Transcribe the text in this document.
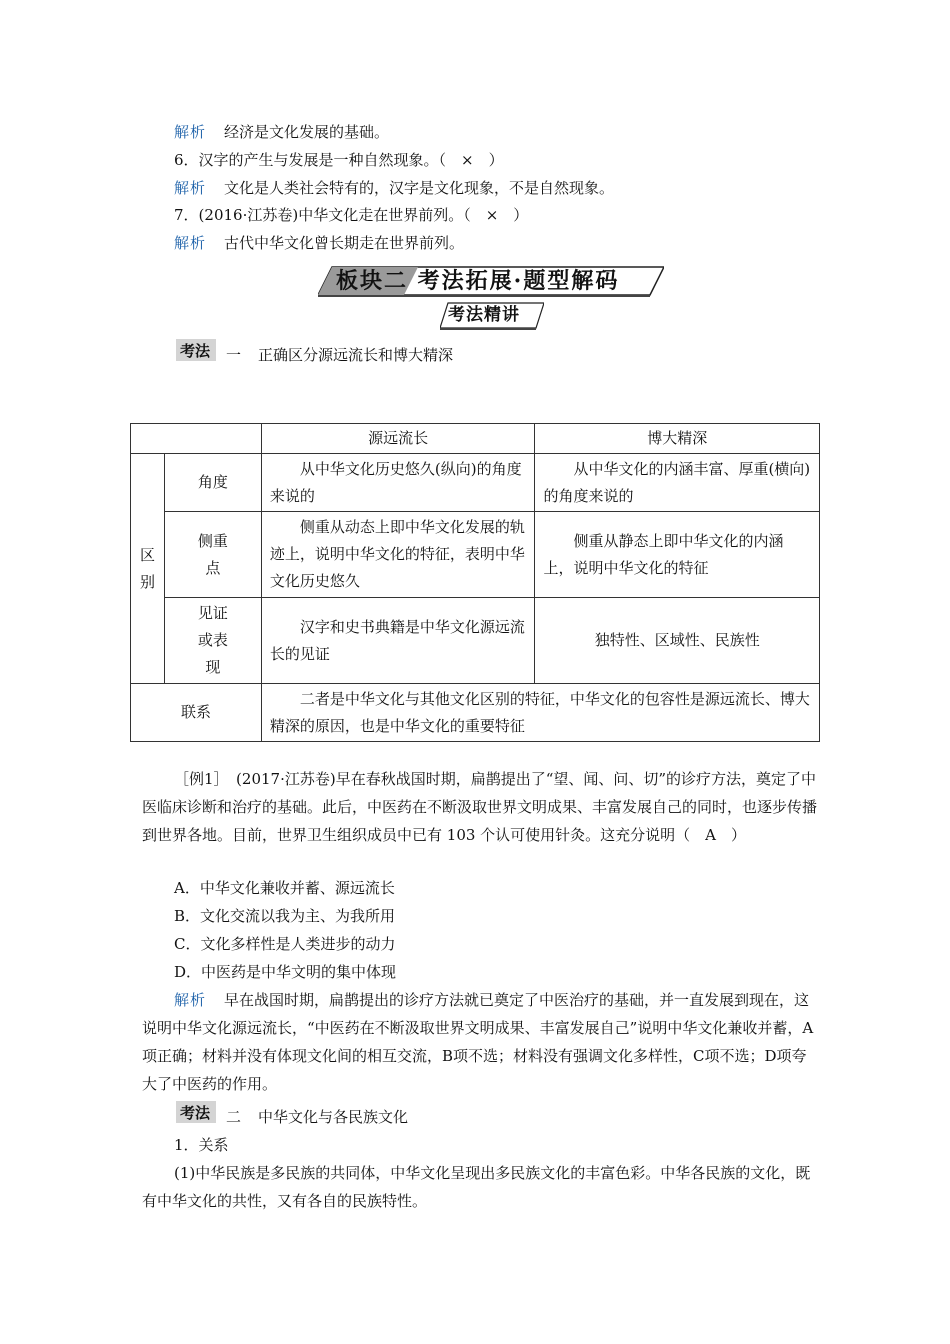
解析 经济是文化发展的基础。
6．汉字的产生与发展是一种自然现象。（　×　）
解析 文化是人类社会特有的，汉字是文化现象，不是自然现象。
7．(2016·江苏卷)中华文化走在世界前列。（　×　）
解析 古代中华文化曾长期走在世界前列。
板块二 考法拓展·题型解码
考法精讲
考法 一 正确区分源远流长和博大精深
		源远流长	博大精深
区别	角度	从中华文化历史悠久(纵向)的角度来说的	从中华文化的内涵丰富、厚重(横向)的角度来说的
	侧重点	侧重从动态上即中华文化发展的轨迹上，说明中华文化的特征，表明中华文化历史悠久	侧重从静态上即中华文化的内涵上，说明中华文化的特征
	见证或表现	汉字和史书典籍是中华文化源远流长的见证	独特性、区域性、民族性
联系		二者是中华文化与其他文化区别的特征，中华文化的包容性是源远流长、博大精深的原因，也是中华文化的重要特征	
［例1］　(2017·江苏卷)早在春秋战国时期，扁鹊提出了“望、闻、问、切”的诊疗方法，奠定了中医临床诊断和治疗的基础。此后，中医药在不断汲取世界文明成果、丰富发展自己的同时，也逐步传播到世界各地。目前，世界卫生组织成员中已有 103 个认可使用针灸。这充分说明（　A　）
A．中华文化兼收并蓄、源远流长
B．文化交流以我为主、为我所用
C．文化多样性是人类进步的动力
D．中医药是中华文明的集中体现
解析 早在战国时期，扁鹊提出的诊疗方法就已奠定了中医治疗的基础，并一直发展到现在，这说明中华文化源远流长，“中医药在不断汲取世界文明成果、丰富发展自己”说明中华文化兼收并蓄，A项正确；材料并没有体现文化间的相互交流，B项不选；材料没有强调文化多样性，C项不选；D项夸大了中医药的作用。
考法 二 中华文化与各民族文化
1．关系
(1)中华民族是多民族的共同体，中华文化呈现出多民族文化的丰富色彩。中华各民族的文化，既有中华文化的共性，又有各自的民族特性。
